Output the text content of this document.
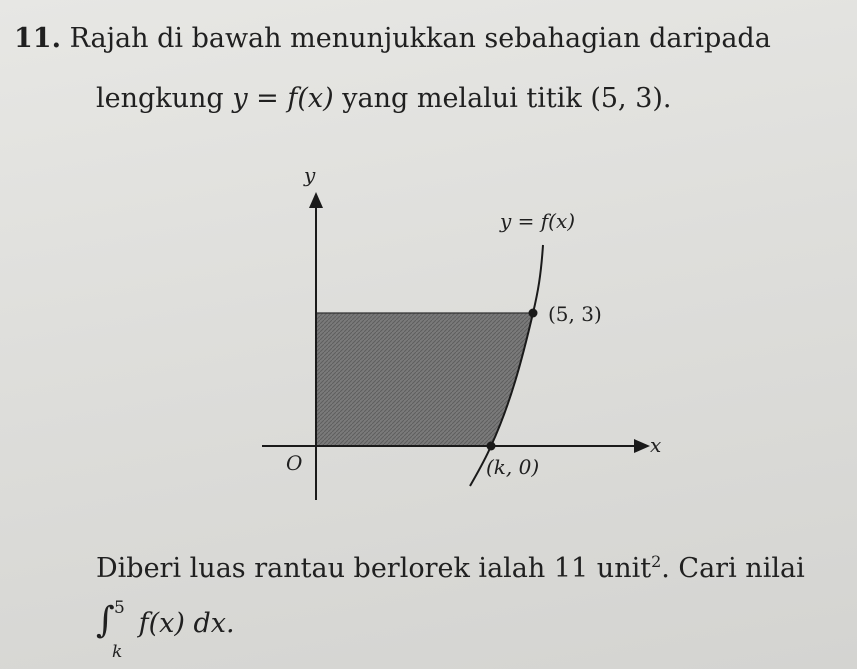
11. Rajah di bawah menunjukkan sebahagian daripada
lengkung y = f(x) yang melalui titik (5, 3).
y
x
O
y = f(x)
(5, 3)
(k, 0)
Diberi luas rantau berlorek ialah 11 unit$^2$. Cari nilai
∫ 5
k
f(x) dx.
